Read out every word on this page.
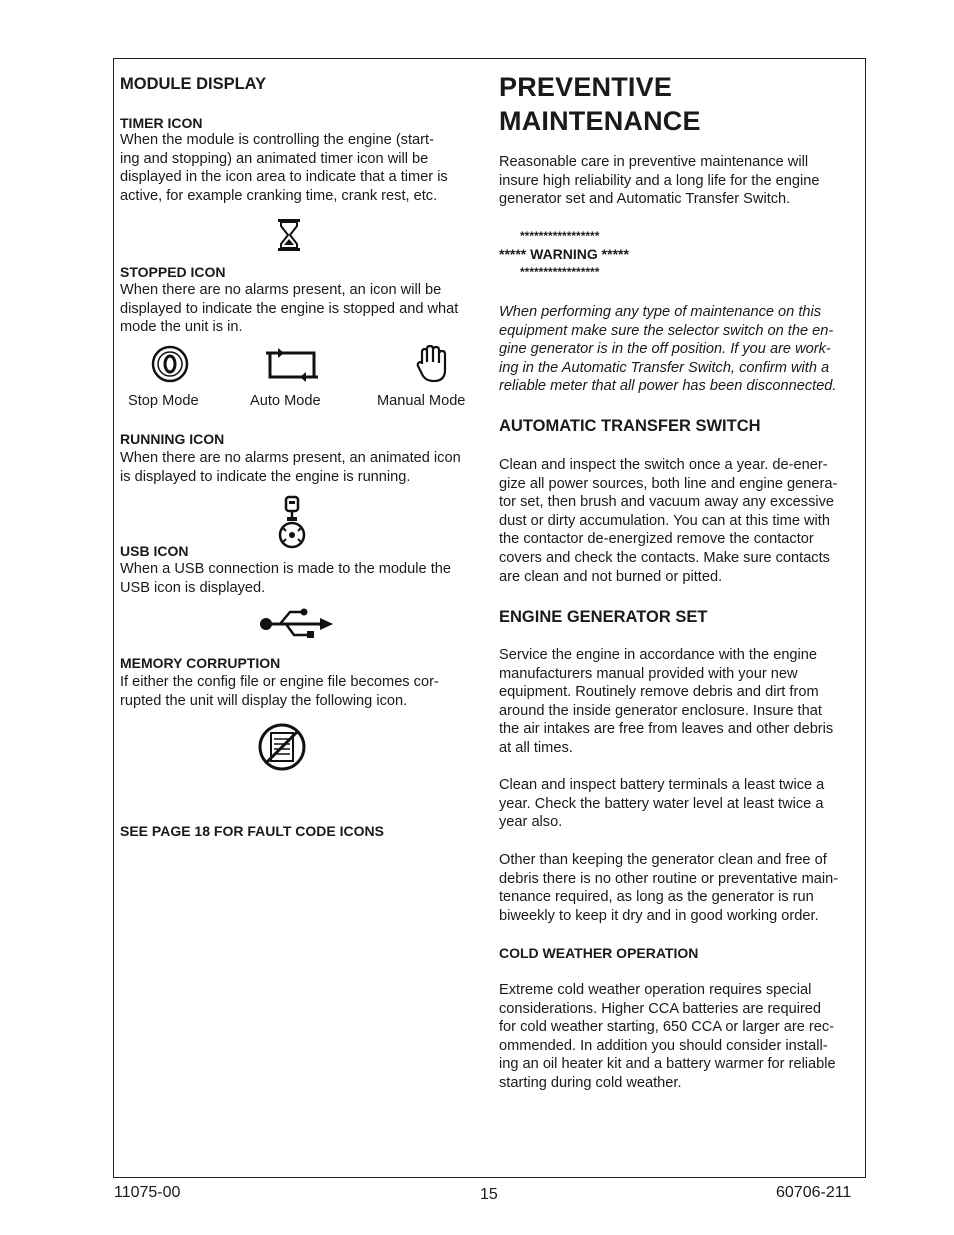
MODULE DISPLAY
TIMER ICON

When the module is controlling the engine (start-

ing and stopping) an animated timer icon will be

displayed in the icon area to indicate that a timer is

active, for example cranking time, crank rest, etc.

STOPPED ICON

When there are no alarms present, an icon will be

displayed to indicate the engine is stopped and what

mode the unit is in.

Stop Mode	Auto Mode	Manual Mode
RUNNING ICON

When there are no alarms present, an animated icon

is displayed to indicate the engine is running.

USB ICON

When a USB connection is made to the module the

USB icon is displayed.

MEMORY CORRUPTION

If either the config file or engine file becomes cor-

rupted the unit will display the following icon.

SEE PAGE 18 FOR FAULT CODE ICONS
PREVENTIVE
MAINTENANCE

Reasonable care in preventive maintenance will

insure high reliability and a long life for the engine

generator set and Automatic Transfer Switch.

*****************
***** WARNING *****
*****************

When performing any type of maintenance on this

equipment make sure the selector switch on the en-

gine generator is in the off position. If you are work-

ing in the Automatic Transfer Switch, confirm with a

reliable meter that all power has been disconnected.

AUTOMATIC TRANSFER SWITCH

Clean and inspect the switch once a year. de-ener-

gize all power sources, both line and engine genera-

tor set, then brush and vacuum away any excessive

dust or dirty accumulation. You can at this time with

the contactor de-energized remove the contactor

covers and check the contacts. Make sure contacts

are clean and not burned or pitted.

ENGINE GENERATOR SET

Service the engine in accordance with the engine

manufacturers manual provided with your new

equipment. Routinely remove debris and dirt from

around the inside generator enclosure. Insure that

the air intakes are free from leaves and other debris

at all times.

Clean and inspect battery terminals a least twice a

year. Check the battery water level at least twice a

year also.

Other than keeping the generator clean and free of

debris there is no other routine or preventative main-

tenance required, as long as the generator is run

biweekly to keep it dry and in good working order.

COLD WEATHER OPERATION

Extreme cold weather operation requires special

considerations. Higher CCA batteries are required

for cold weather starting, 650 CCA or larger are rec-

ommended. In addition you should consider install-

ing an oil heater kit and a battery warmer for reliable

starting during cold weather.

11075-00	15	60706-211
